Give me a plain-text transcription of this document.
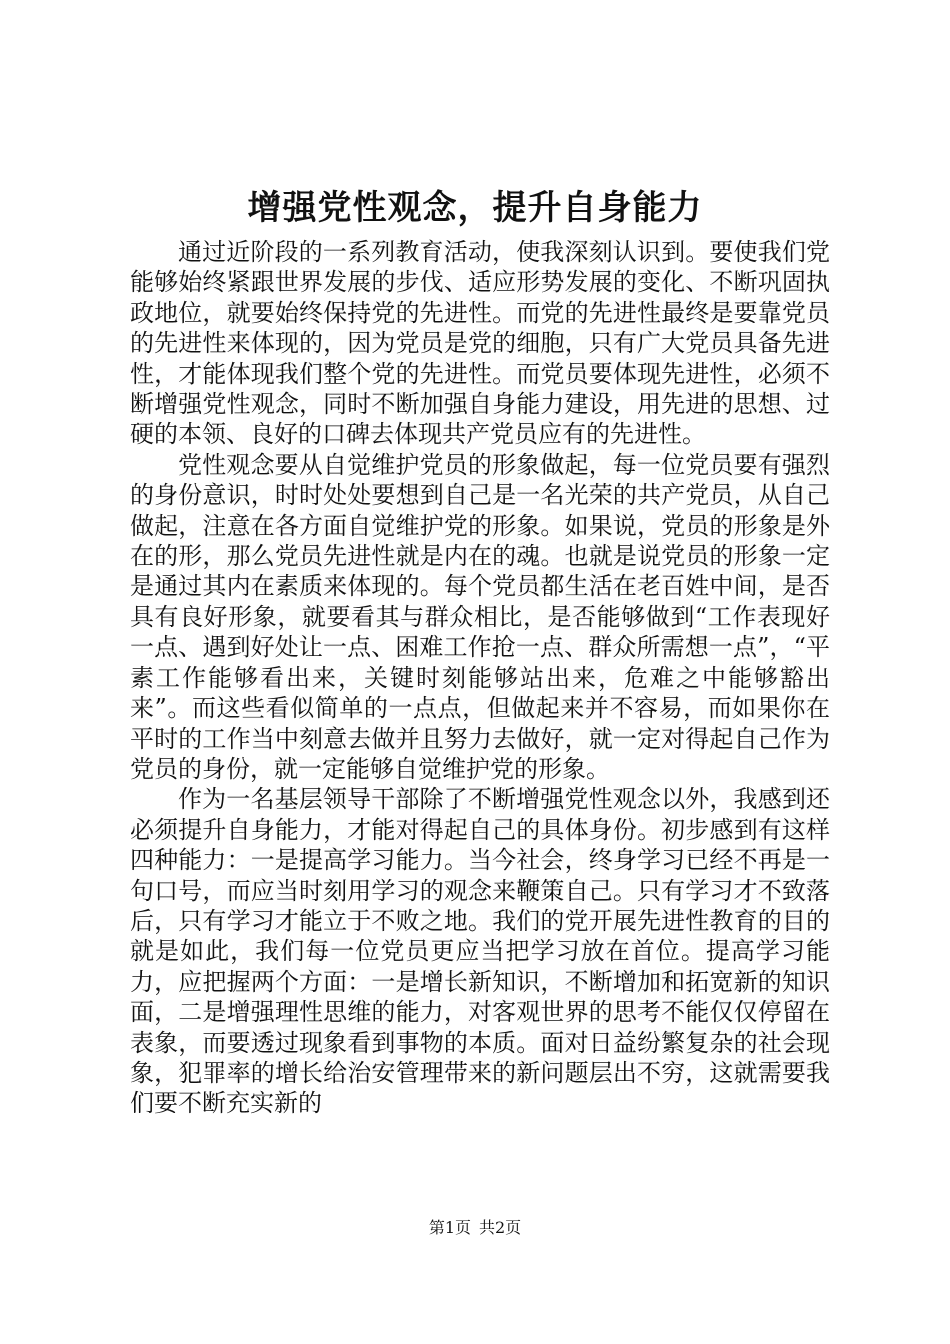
增强党性观念，提升自身能力

通过近阶段的一系列教育活动，使我深刻认识到。要使我们党能够始终紧跟世界发展的步伐、适应形势发展的变化、不断巩固执政地位，就要始终保持党的先进性。而党的先进性最终是要靠党员的先进性来体现的，因为党员是党的细胞，只有广大党员具备先进性，才能体现我们整个党的先进性。而党员要体现先进性，必须不断增强党性观念，同时不断加强自身能力建设，用先进的思想、过硬的本领、良好的口碑去体现共产党员应有的先进性。

党性观念要从自觉维护党员的形象做起，每一位党员要有强烈的身份意识，时时处处要想到自己是一名光荣的共产党员，从自己做起，注意在各方面自觉维护党的形象。如果说，党员的形象是外在的形，那么党员先进性就是内在的魂。也就是说党员的形象一定是通过其内在素质来体现的。每个党员都生活在老百姓中间，是否具有良好形象，就要看其与群众相比，是否能够做到“工作表现好一点、遇到好处让一点、困难工作抢一点、群众所需想一点”，“平素工作能够看出来，关键时刻能够站出来，危难之中能够豁出来”。而这些看似简单的一点点，但做起来并不容易，而如果你在平时的工作当中刻意去做并且努力去做好，就一定对得起自己作为党员的身份，就一定能够自觉维护党的形象。

作为一名基层领导干部除了不断增强党性观念以外，我感到还必须提升自身能力，才能对得起自己的具体身份。初步感到有这样四种能力：一是提高学习能力。当今社会，终身学习已经不再是一句口号，而应当时刻用学习的观念来鞭策自己。只有学习才不致落后，只有学习才能立于不败之地。我们的党开展先进性教育的目的就是如此，我们每一位党员更应当把学习放在首位。提高学习能力，应把握两个方面：一是增长新知识，不断增加和拓宽新的知识面，二是增强理性思维的能力，对客观世界的思考不能仅仅停留在表象，而要透过现象看到事物的本质。面对日益纷繁复杂的社会现象，犯罪率的增长给治安管理带来的新问题层出不穷，这就需要我们要不断充实新的

第1页 共2页
